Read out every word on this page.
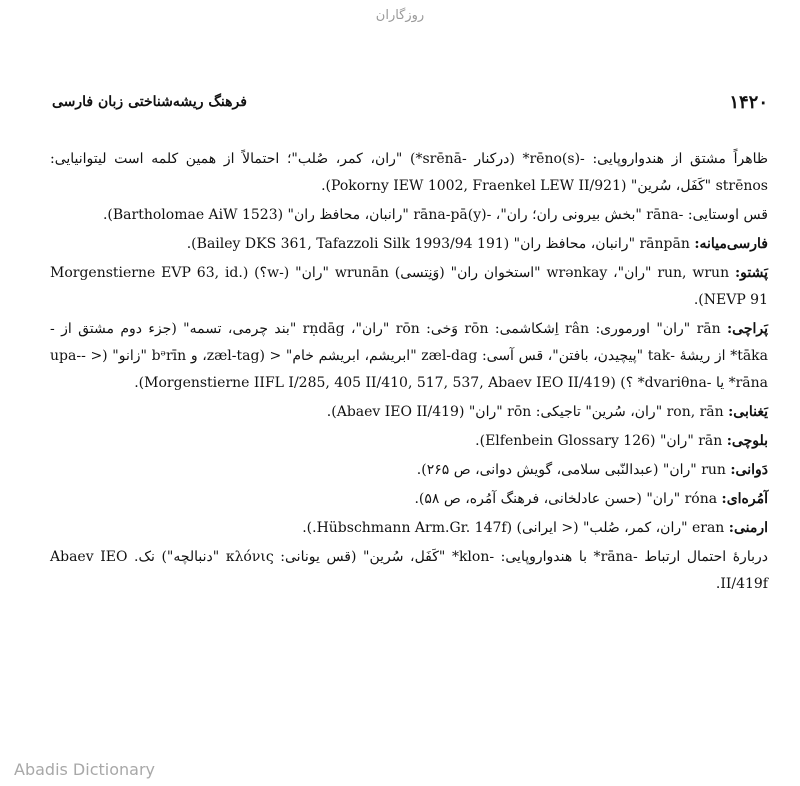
روزگاران
۱۴۲۰
فرهنگ ریشه‌شناختی زبان فارسی

ظاهراً مشتق از هندواروپایی: -(s)rēno* (درکنار -srēnā*) "ران، کمر، صُلب"؛ احتمالاً از همین کلمه است لیتوانیایی: strēnos "کَفَل، سُرین" (Pokorny IEW 1002, Fraenkel LEW II/921).

قس اوستایی: -rāna "بخش بیرونی ران؛ ران"، -(y)rāna-pā "رانبان، محافظ ران" (Bartholomae AiW 1523).

فارسی‌میانه: rānpān "رانبان، محافظ ران" (Bailey DKS 361, Tafazzoli Silk 1993/94 191).

پَشتو: run, wrun "ران"، wrənkay "استخوان ران" (وَنِتسی) wrunān "ران" (-w؟) (Morgenstierne EVP 63, id. NEVP 91).

پَراچی: rān "ران" اورموری: rân اِشکاشمی: rōn وَخی: rōn "ران"، rṇdāg "بند چرمی، تسمه" (جزء دوم مشتق از -tāka* از ریشهٔ -tak "پیچیدن، بافتن"، قس آسی: zæl-dag "ابریشم، ابریشم خام" < (zæl-tag، و bᵊrīn "زانو" (< -upa-rāna* یا -dvariθna* ؟) (Morgenstierne IIFL I/285, 405 II/410, 517, 537, Abaev IEO II/419).

یَغنابی: ron, rān "ران، سُرین" تاجیکی: rōn "ران" (Abaev IEO II/419).

بلوچی: rān "ران" (Elfenbein Glossary 126).

دَوانی: run "ران" (عبدالنّبی سلامی، گویش دوانی، ص ۲۶۵).

آمُره‌ای: róna "ران" (حسن عادلخانی، فرهنگ آمُره، ص ۵۸).

ارمنی: eran "ران، کمر، صُلب" (< ایرانی) (Hübschmann Arm.Gr. 147f.).

دربارهٔ احتمال ارتباط -rāna* با هندواروپایی: -klon* "کَفَل، سُرین" (قس یونانی: κλόνις "دنبالچه") نک. Abaev IEO II/419f.

Abadis Dictionary
